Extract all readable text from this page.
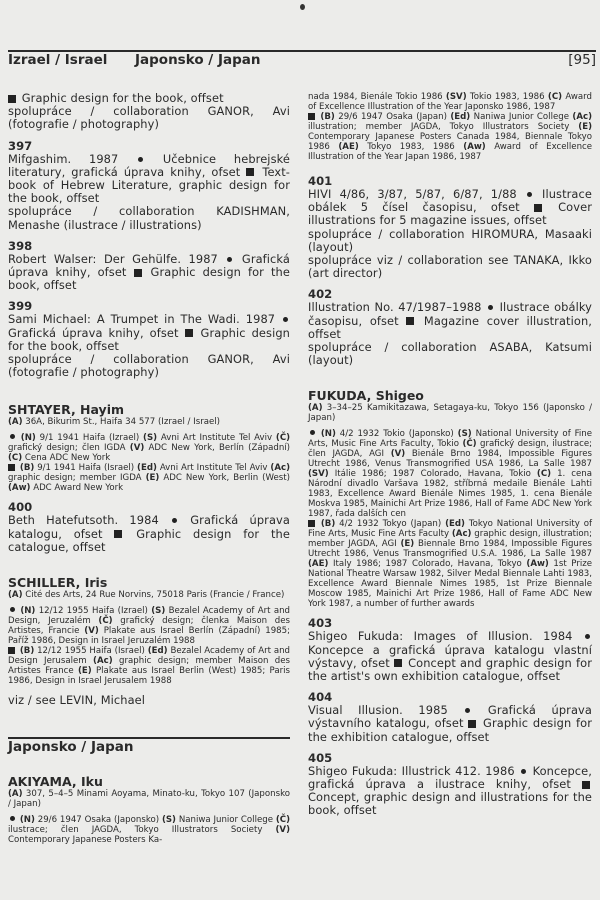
Izrael / Israel Japonsko / Japan	[95]
Graphic design for the book, offset
spolupráce / collaboration GANOR, Avi (fotografie / photography)
397
Mifgashim. 1987	Učebnice hebrejské literatury, grafická úprava knihy, ofset Text-book of Hebrew Literature, graphic design for the book, offset
spolupráce / collaboration KADISHMAN, Menashe (ilustrace / illustrations)
398
Robert Walser: Der Gehülfe. 1987 Grafická úprava knihy, ofset Graphic design for the book, offset
399
Sami Michael: A Trumpet in The Wadi. 1987  Grafická úprava knihy, ofset Graphic design for the book, offset
spolupráce / collaboration GANOR, Avi (fotografie / photography)
SHTAYER, Hayim
(A) 36A, Bikurim St., Haifa 34 577 (Izrael / Israel)
(N) 9/1 1941 Haifa (Izrael) (S) Avni Art Institute Tel Aviv (Č) grafický design; člen IGDA (V) ADC New York, Berlín (Západní) (C) Cena ADC New York
(B) 9/1 1941 Haifa (Israel) (Ed) Avni Art Institute Tel Aviv (Ac) graphic design; member IGDA (E) ADC New York, Berlin (West) (Aw) ADC Award New York
400
Beth Hatefutsoth. 1984	Grafická úprava katalogu, ofset	Graphic design for the catalogue, offset
SCHILLER, Iris
(A) Cité des Arts, 24 Rue Norvins, 75018 Paris (Francie / France)
(N) 12/12 1955 Haifa (Izrael) (S) Bezalel Academy of Art and Design, Jeruzalém (Č) grafický design; členka Maison des Artistes, Francie (V) Plakate aus Israel Berlín (Západní) 1985; Paříž 1986, Design in Israel Jeruzalém 1988
(B) 12/12 1955 Haifa (Israel) (Ed) Bezalel Academy of Art and Design Jerusalem (Ac) graphic design; member Maison des Artistes France (E) Plakate aus Israel Berlin (West) 1985; Paris 1986, Design in Israel Jerusalem 1988
viz / see LEVIN, Michael
Japonsko / Japan
AKIYAMA, Iku
(A) 307, 5–4–5 Minami Aoyama, Minato-ku, Tokyo 107 (Japonsko / Japan)
(N) 29/6 1947 Osaka (Japonsko) (S) Naniwa Junior College (Č) ilustrace; člen JAGDA, Tokyo Illustrators Society (V) Contemporary Japanese Posters Ka-
nada 1984, Bienále Tokio 1986 (SV) Tokio 1983, 1986 (C) Award of Excellence Illustration of the Year Japonsko 1986, 1987
(B) 29/6 1947 Osaka (Japan) (Ed) Naniwa Junior College (Ac) illustration; member JAGDA, Tokyo Illustrators Society (E) Contemporary Japanese Posters Canada 1984, Biennale Tokyo 1986 (AE) Tokyo 1983, 1986 (Aw) Award of Excellence Illustration of the Year Japan 1986, 1987
401
HIVI 4/86, 3/87, 5/87, 6/87, 1/88 Ilustrace obálek 5 čísel časopisu, ofset	Cover illustrations for 5 magazine issues, offset
spolupráce / collaboration HIROMURA, Masaaki (layout)
spolupráce viz / collaboration see TANAKA, Ikko (art director)
402
Illustration No. 47/1987–1988 Ilustrace obálky časopisu, ofset Magazine cover illustration, offset
spolupráce / collaboration ASABA, Katsumi (layout)
FUKUDA, Shigeo
(A) 3–34–25 Kamikitazawa, Setagaya-ku, Tokyo 156 (Japonsko / Japan)
(N) 4/2 1932 Tokio (Japonsko) (S) National University of Fine Arts, Music Fine Arts Faculty, Tokio (Č) grafický design, ilustrace; člen JAGDA, AGI (V) Bienále Brno 1984, Impossible Figures Utrecht 1986, Venus Transmogrified USA 1986, La Salle 1987 (SV) Itálie 1986; 1987 Colorado, Havana, Tokio (C) 1. cena Národní divadlo Varšava 1982, stříbrná medaile Bienále Lahti 1983, Excellence Award Bienále Nimes 1985, 1. cena Bienále Moskva 1985, Mainichi Art Prize 1986, Hall of Fame ADC New York 1987, řada dalších cen
(B) 4/2 1932 Tokyo (Japan) (Ed) Tokyo National University of Fine Arts, Music Fine Arts Faculty (Ac) graphic design, illustration; member JAGDA, AGI (E) Biennale Brno 1984, Impossible Figures Utrecht 1986, Venus Transmogrified U.S.A. 1986, La Salle 1987 (AE) Italy 1986; 1987 Colorado, Havana, Tokyo (Aw) 1st Prize National Theatre Warsaw 1982, Silver Medal Biennale Lahti 1983, Excellence Award Biennale Nimes 1985, 1st Prize Biennale Moscow 1985, Mainichi Art Prize 1986, Hall of Fame ADC New York 1987, a number of further awards
403
Shigeo Fukuda: Images of Illusion. 1984  Koncepce a grafická úprava katalogu vlastní výstavy, ofset Concept and graphic design for the artist's own exhibition catalogue, offset
404
Visual Illusion. 1985	Grafická úprava výstavního katalogu, ofset Graphic design for the exhibition catalogue, offset
405
Shigeo Fukuda: Illustrick 412. 1986 Koncepce, grafická úprava a ilustrace knihy, ofset  Concept, graphic design and illustrations for the book, offset
